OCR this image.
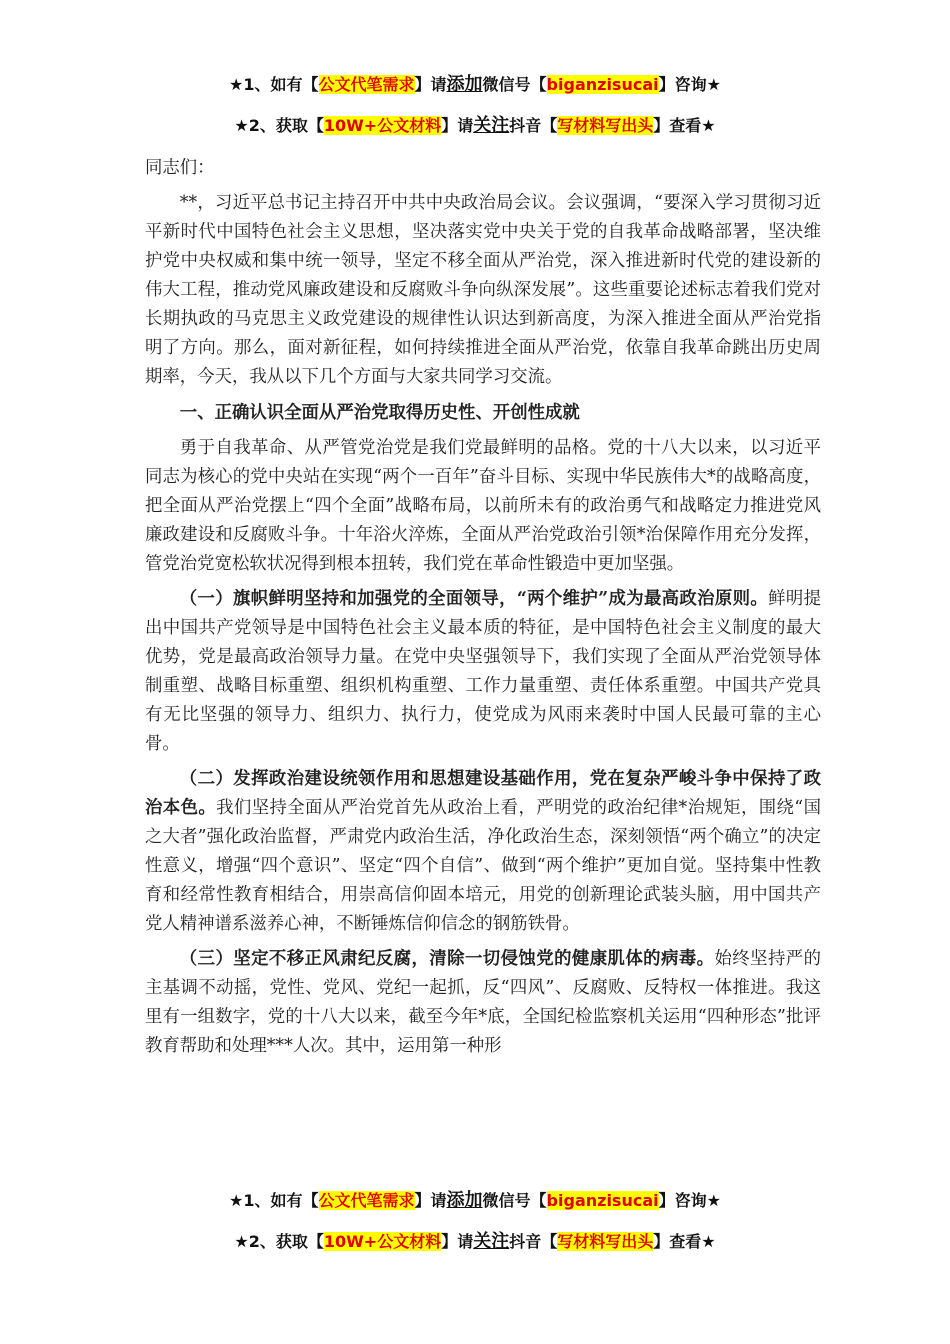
★1、如有【公文代笔需求】请添加微信号【biganzisucai】咨询★
★2、获取【10W+公文材料】请关注抖音【写材料写出头】查看★

同志们：

**，习近平总书记主持召开中共中央政治局会议。会议强调，“要深入学习贯彻习近平新时代中国特色社会主义思想，坚决落实党中央关于党的自我革命战略部署，坚决维护党中央权威和集中统一领导，坚定不移全面从严治党，深入推进新时代党的建设新的伟大工程，推动党风廉政建设和反腐败斗争向纵深发展”。这些重要论述标志着我们党对长期执政的马克思主义政党建设的规律性认识达到新高度，为深入推进全面从严治党指明了方向。那么，面对新征程，如何持续推进全面从严治党，依靠自我革命跳出历史周期率，今天，我从以下几个方面与大家共同学习交流。

一、正确认识全面从严治党取得历史性、开创性成就

勇于自我革命、从严管党治党是我们党最鲜明的品格。党的十八大以来，以习近平同志为核心的党中央站在实现“两个一百年”奋斗目标、实现中华民族伟大*的战略高度，把全面从严治党摆上“四个全面”战略布局，以前所未有的政治勇气和战略定力推进党风廉政建设和反腐败斗争。十年浴火淬炼，全面从严治党政治引领*治保障作用充分发挥，管党治党宽松软状况得到根本扭转，我们党在革命性锻造中更加坚强。

（一）旗帜鲜明坚持和加强党的全面领导，“两个维护”成为最高政治原则。鲜明提出中国共产党领导是中国特色社会主义最本质的特征，是中国特色社会主义制度的最大优势，党是最高政治领导力量。在党中央坚强领导下，我们实现了全面从严治党领导体制重塑、战略目标重塑、组织机构重塑、工作力量重塑、责任体系重塑。中国共产党具有无比坚强的领导力、组织力、执行力，使党成为风雨来袭时中国人民最可靠的主心骨。

（二）发挥政治建设统领作用和思想建设基础作用，党在复杂严峻斗争中保持了政治本色。我们坚持全面从严治党首先从政治上看，严明党的政治纪律*治规矩，围绕“国之大者”强化政治监督，严肃党内政治生活，净化政治生态，深刻领悟“两个确立”的决定性意义，增强“四个意识”、坚定“四个自信”、做到“两个维护”更加自觉。坚持集中性教育和经常性教育相结合，用崇高信仰固本培元，用党的创新理论武装头脑，用中国共产党人精神谱系滋养心神，不断锤炼信仰信念的钢筋铁骨。

（三）坚定不移正风肃纪反腐，清除一切侵蚀党的健康肌体的病毒。始终坚持严的主基调不动摇，党性、党风、党纪一起抓，反“四风”、反腐败、反特权一体推进。我这里有一组数字，党的十八大以来，截至今年*底，全国纪检监察机关运用“四种形态”批评教育帮助和处理***人次。其中，运用第一种形

★1、如有【公文代笔需求】请添加微信号【biganzisucai】咨询★
★2、获取【10W+公文材料】请关注抖音【写材料写出头】查看★
